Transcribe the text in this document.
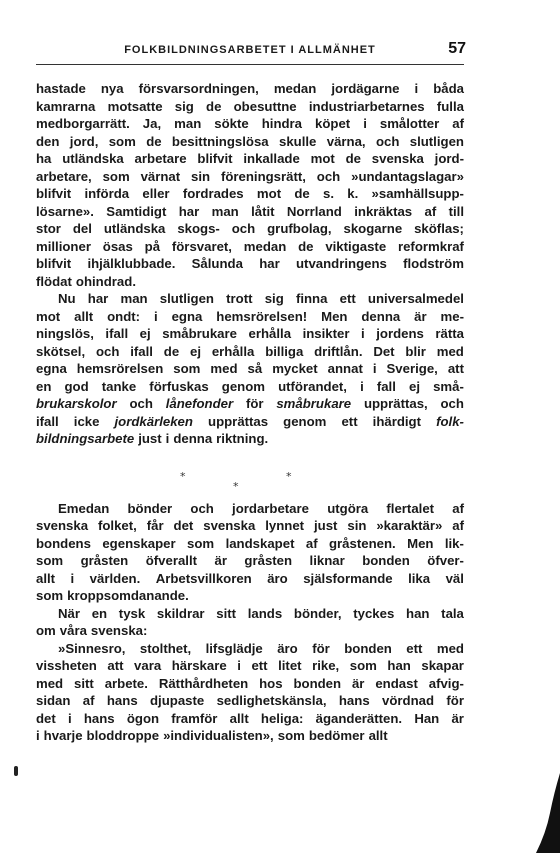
FOLKBILDNINGSARBETET I ALLMÄNHET	57
hastade nya försvarsordningen, medan jordägarne i båda
kamrarna motsatte sig de obesuttne industriarbetarnes fulla
medborgarrätt. Ja, man sökte hindra köpet i smålotter af
den jord, som de besittningslösa skulle värna, och slutligen
ha utländska arbetare blifvit inkallade mot de svenska jord-
arbetare, som värnat sin föreningsrätt, och »undantagslagar»
blifvit införda eller fordrades mot de s. k. »samhällsupp-
lösarne». Samtidigt har man låtit Norrland inkräktas af till
stor del utländska skogs- och grufbolag, skogarne sköflas;
millioner ösas på försvaret, medan de viktigaste reformkraf
blifvit ihjälklubbade. Sålunda har utvandringens flodström
flödat ohindrad.
Nu har man slutligen trott sig finna ett universalmedel
mot allt ondt: i egna hemsrörelsen! Men denna är me-
ningslös, ifall ej småbrukare erhålla insikter i jordens rätta
skötsel, och ifall de ej erhålla billiga driftlån. Det blir med
egna hemsrörelsen som med så mycket annat i Sverige, att
en god tanke förfuskas genom utförandet, i fall ej små-
brukarskolor och lånefonder för småbrukare upprättas, och
ifall icke jordkärleken upprättas genom ett ihärdigt folk-
bildningsarbete just i denna riktning.
Emedan bönder och jordarbetare utgöra flertalet af
svenska folket, får det svenska lynnet just sin »karaktär» af
bondens egenskaper som landskapet af gråstenen. Men lik-
som gråsten öfverallt är gråsten liknar bonden öfver-
allt i världen. Arbetsvillkoren äro själsformande lika väl
som kroppsomdanande.
När en tysk skildrar sitt lands bönder, tyckes han tala
om våra svenska:
»Sinnesro, stolthet, lifsglädje äro för bonden ett med
vissheten att vara härskare i ett litet rike, som han skapar
med sitt arbete. Rätthårdheten hos bonden är endast afvig-
sidan af hans djupaste sedlighetskänsla, hans vördnad för
det i hans ögon framför allt heliga: äganderätten. Han är
i hvarje bloddroppe »individualisten», som bedömer allt
*	*
*
